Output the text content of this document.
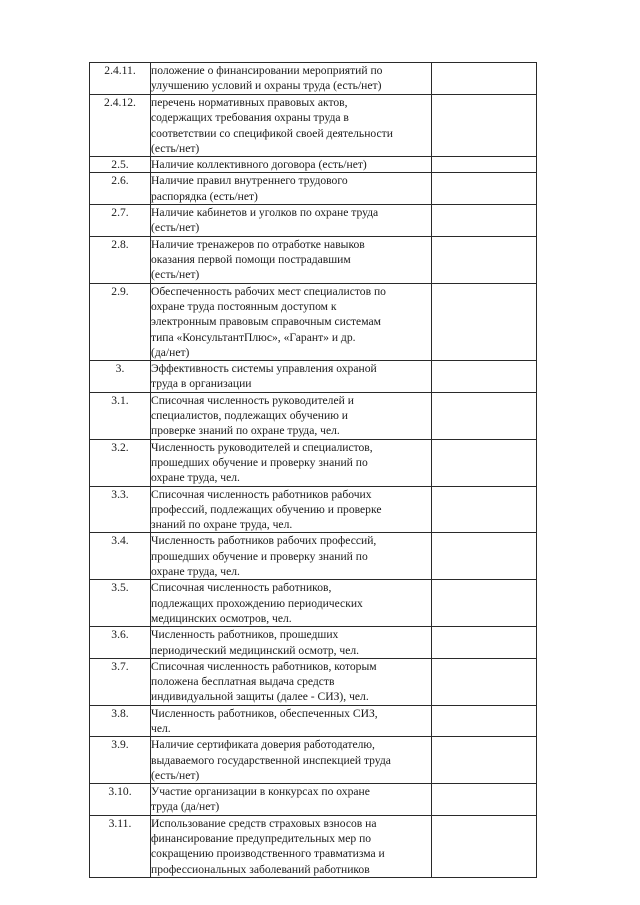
2.4.11.	положение о финансировании мероприятий по
улучшению условий и охраны труда (есть/нет)	
2.4.12.	перечень нормативных правовых актов,
содержащих требования охраны труда в
соответствии со спецификой своей деятельности
(есть/нет)	
2.5.	Наличие коллективного договора (есть/нет)	
2.6.	Наличие правил внутреннего трудового
распорядка (есть/нет)	
2.7.	Наличие кабинетов и уголков по охране труда
(есть/нет)	
2.8.	Наличие тренажеров по отработке навыков
оказания первой помощи пострадавшим
(есть/нет)	
2.9.	Обеспеченность рабочих мест специалистов по
охране труда постоянным доступом к
электронным правовым справочным системам
типа «КонсультантПлюс», «Гарант» и др.
(да/нет)	
3.	Эффективность системы управления охраной
труда в организации	
3.1.	Списочная численность руководителей и
специалистов, подлежащих обучению и
проверке знаний по охране труда, чел.	
3.2.	Численность руководителей и специалистов,
прошедших обучение и проверку знаний по
охране труда, чел.	
3.3.	Списочная численность работников рабочих
профессий, подлежащих обучению и проверке
знаний по охране труда, чел.	
3.4.	Численность работников рабочих профессий,
прошедших обучение и проверку знаний по
охране труда, чел.	
3.5.	Списочная численность работников,
подлежащих прохождению периодических
медицинских осмотров, чел.	
3.6.	Численность работников, прошедших
периодический медицинский осмотр, чел.	
3.7.	Списочная численность работников, которым
положена бесплатная выдача средств
индивидуальной защиты (далее - СИЗ), чел.	
3.8.	Численность работников, обеспеченных СИЗ,
чел.	
3.9.	Наличие сертификата доверия работодателю,
выдаваемого государственной инспекцией труда
(есть/нет)	
3.10.	Участие организации в конкурсах по охране
труда (да/нет)	
3.11.	Использование средств страховых взносов на
финансирование предупредительных мер по
сокращению производственного травматизма и
профессиональных заболеваний работников	
